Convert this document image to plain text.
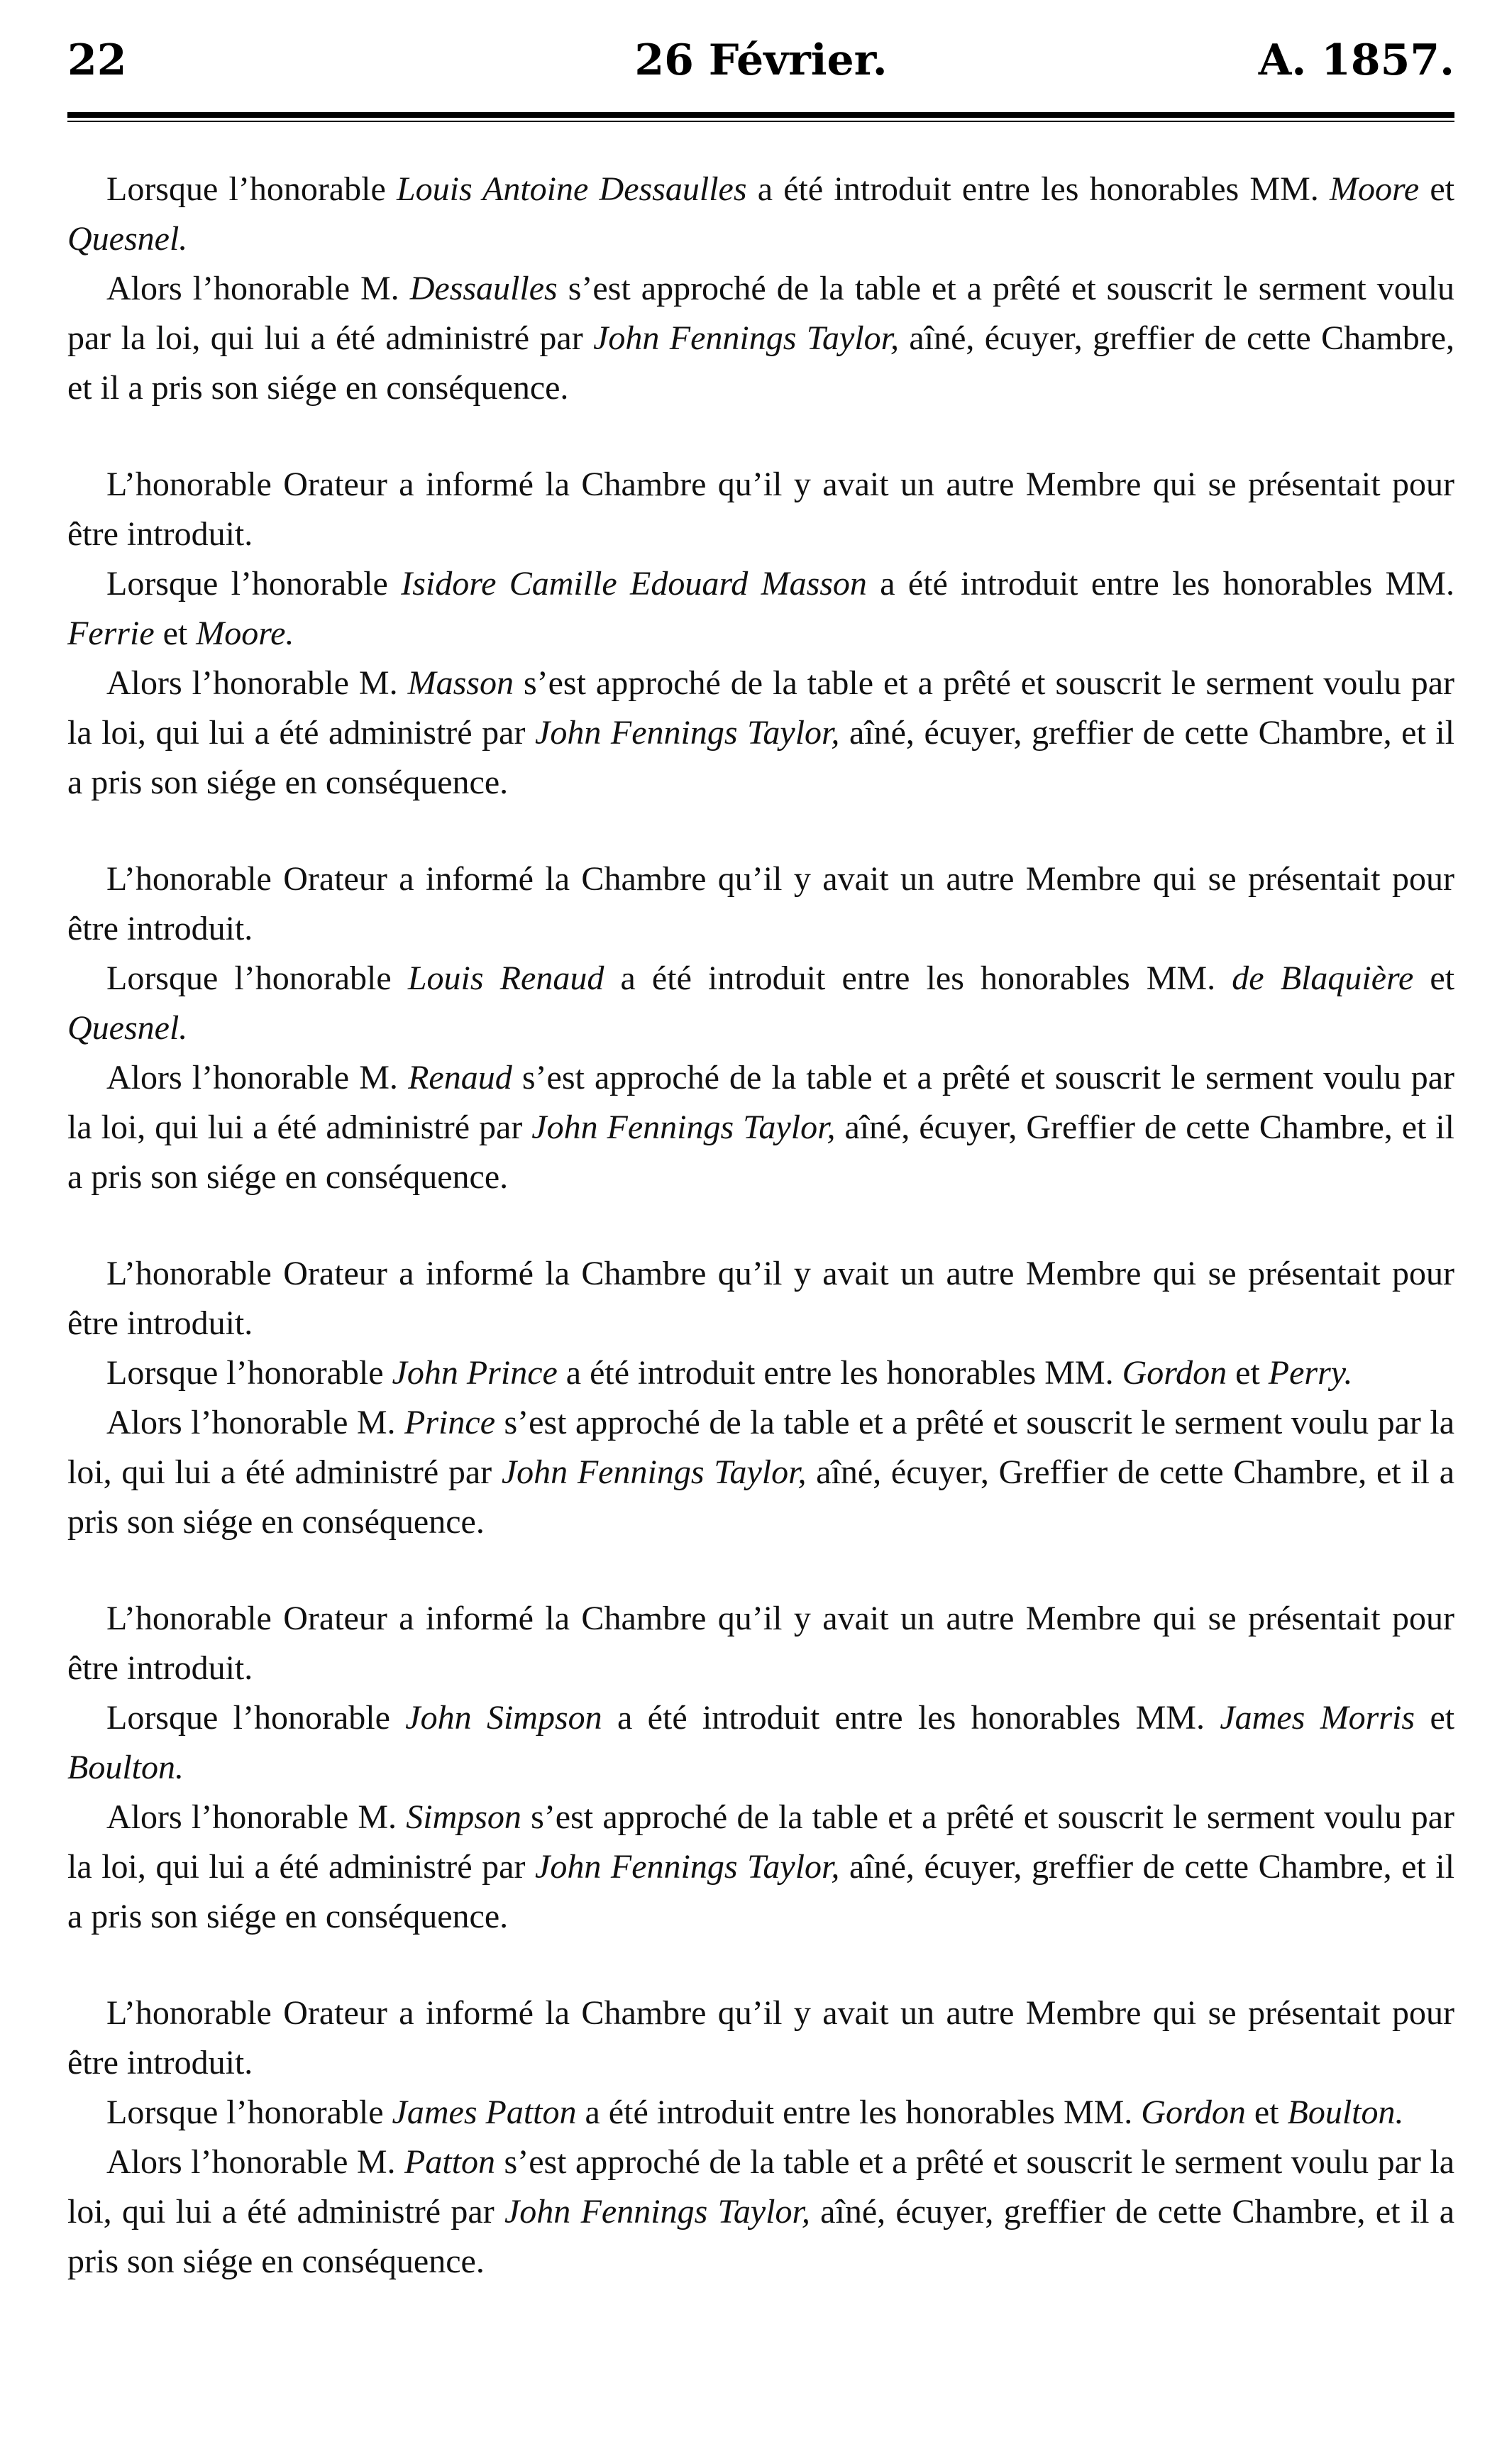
22	26 Février.	A. 1857.

Lorsque l’honorable Louis Antoine Dessaulles a été introduit entre les honorables MM. Moore et Quesnel.

Alors l’honorable M. Dessaulles s’est approché de la table et a prêté et souscrit le serment voulu par la loi, qui lui a été administré par John Fennings Taylor, aîné, écuyer, greffier de cette Chambre, et il a pris son siége en conséquence.

L’honorable Orateur a informé la Chambre qu’il y avait un autre Membre qui se présentait pour être introduit.

Lorsque l’honorable Isidore Camille Edouard Masson a été introduit entre les honorables MM. Ferrie et Moore.

Alors l’honorable M. Masson s’est approché de la table et a prêté et souscrit le serment voulu par la loi, qui lui a été administré par John Fennings Taylor, aîné, écuyer, greffier de cette Chambre, et il a pris son siége en conséquence.

L’honorable Orateur a informé la Chambre qu’il y avait un autre Membre qui se présentait pour être introduit.

Lorsque l’honorable Louis Renaud a été introduit entre les honorables MM. de Blaquière et Quesnel.

Alors l’honorable M. Renaud s’est approché de la table et a prêté et souscrit le serment voulu par la loi, qui lui a été administré par John Fennings Taylor, aîné, écuyer, Greffier de cette Chambre, et il a pris son siége en conséquence.

L’honorable Orateur a informé la Chambre qu’il y avait un autre Membre qui se présentait pour être introduit.

Lorsque l’honorable John Prince a été introduit entre les honorables MM. Gordon et Perry.

Alors l’honorable M. Prince s’est approché de la table et a prêté et souscrit le serment voulu par la loi, qui lui a été administré par John Fennings Taylor, aîné, écuyer, Greffier de cette Chambre, et il a pris son siége en conséquence.

L’honorable Orateur a informé la Chambre qu’il y avait un autre Membre qui se présentait pour être introduit.

Lorsque l’honorable John Simpson a été introduit entre les honorables MM. James Morris et Boulton.

Alors l’honorable M. Simpson s’est approché de la table et a prêté et souscrit le serment voulu par la loi, qui lui a été administré par John Fennings Taylor, aîné, écuyer, greffier de cette Chambre, et il a pris son siége en conséquence.

L’honorable Orateur a informé la Chambre qu’il y avait un autre Membre qui se présentait pour être introduit.

Lorsque l’honorable James Patton a été introduit entre les honorables MM. Gordon et Boulton.

Alors l’honorable M. Patton s’est approché de la table et a prêté et souscrit le serment voulu par la loi, qui lui a été administré par John Fennings Taylor, aîné, écuyer, greffier de cette Chambre, et il a pris son siége en conséquence.
